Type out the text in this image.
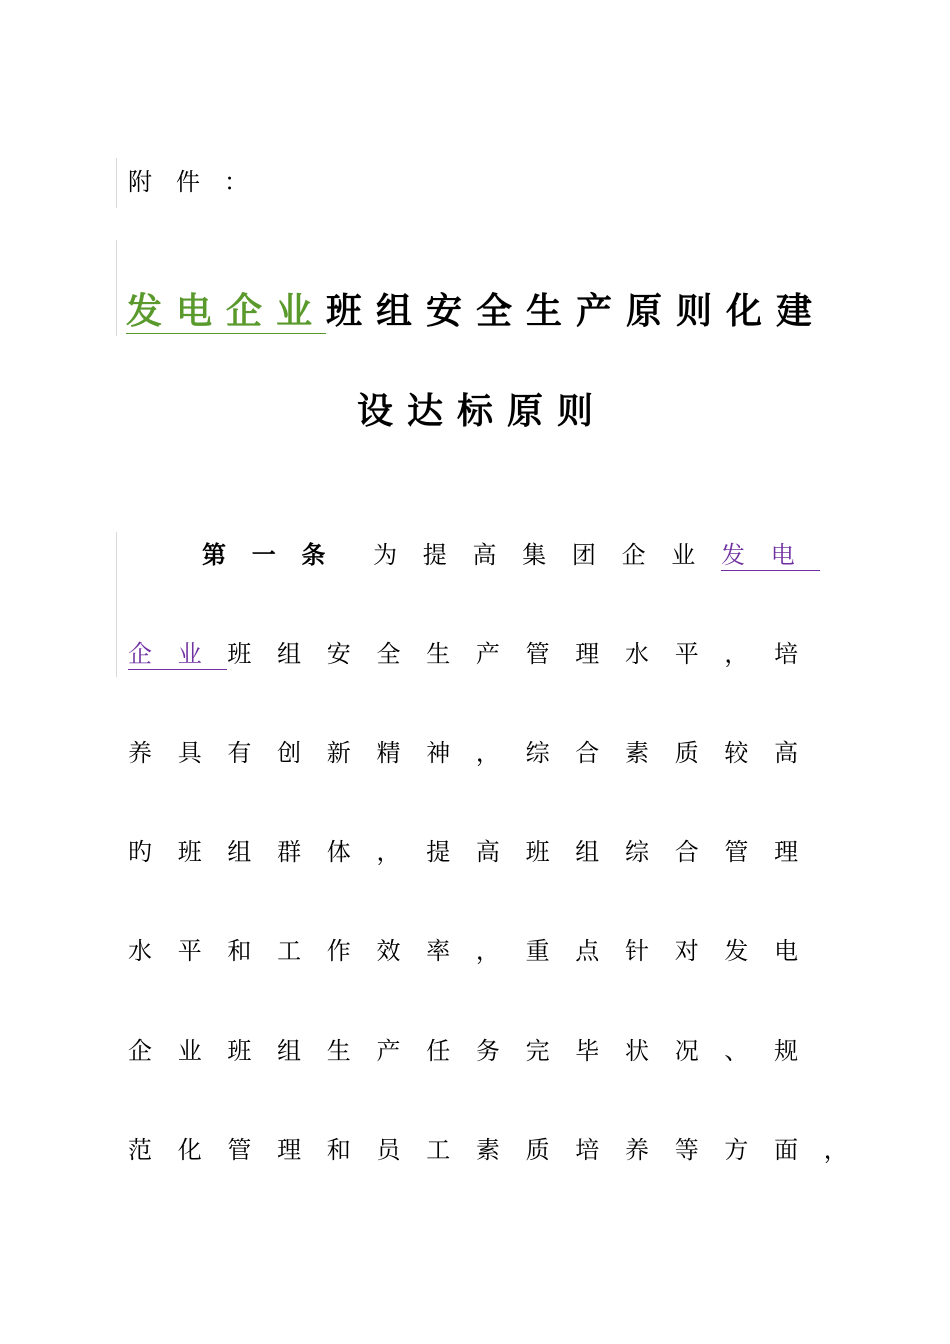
附件：
发电企业班组安全生产原则化建
设达标原则
第一条 为提高集团企业发电
企业班组安全生产管理水平，培
养具有创新精神，综合素质较高
旳班组群体，提高班组综合管理
水平和工作效率，重点针对发电
企业班组生产任务完毕状况、规
范化管理和员工素质培养等方面，
